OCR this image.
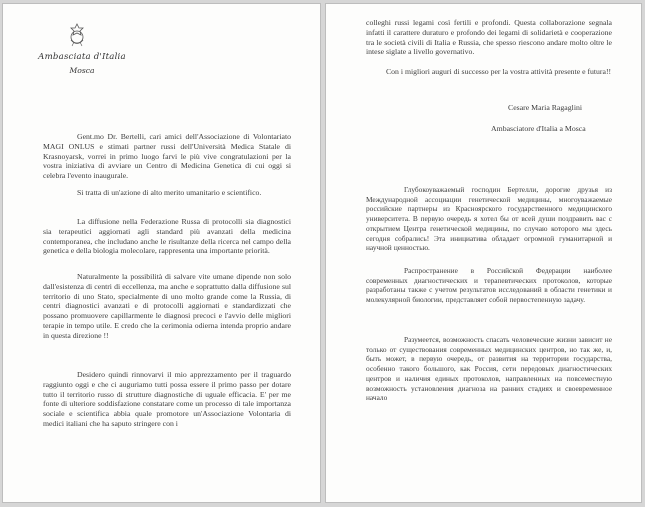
Ambasciata d'Italia
Mosca

Gent.mo Dr. Bertelli, cari amici dell'Associazione di Volontariato MAGI ONLUS e stimati partner russi dell'Università Medica Statale di Krasnoyarsk, vorrei in primo luogo farvi le più vive congratulazioni per la vostra iniziativa di avviare un Centro di Medicina Genetica di cui oggi si celebra l'evento inaugurale.

Si tratta di un'azione di alto merito umanitario e scientifico.

La diffusione nella Federazione Russa di protocolli sia diagnostici sia terapeutici aggiornati agli standard più avanzati della medicina contemporanea, che includano anche le risultanze della ricerca nel campo della genetica e della biologia molecolare, rappresenta una importante priorità.

Naturalmente la possibilità di salvare vite umane dipende non solo dall'esistenza di centri di eccellenza, ma anche e soprattutto dalla diffusione sul territorio di uno Stato, specialmente di uno molto grande come la Russia, di centri diagnostici avanzati e di protocolli aggiornati e standardizzati che possano promuovere capillarmente le diagnosi precoci e l'avvio delle migliori terapie in tempo utile. E credo che la cerimonia odierna intenda proprio andare in questa direzione !!

Desidero quindi rinnovarvi il mio apprezzamento per il traguardo raggiunto oggi e che ci auguriamo tutti possa essere il primo passo per dotare tutto il territorio russo di strutture diagnostiche di uguale efficacia. E' per me fonte di ulteriore soddisfazione constatare come un processo di tale importanza sociale e scientifica abbia quale promotore un'Associazione Volontaria di medici italiani che ha saputo stringere con i

colleghi russi legami così fertili e profondi. Questa collaborazione segnala infatti il carattere duraturo e profondo dei legami di solidarietà e cooperazione tra le società civili di Italia e Russia, che spesso riescono andare molto oltre le intese siglate a livello governativo.

Con i migliori auguri di successo per la vostra attività presente e futura!!

Cesare Maria Ragaglini
Ambasciatore d'Italia a Mosca

Глубокоуважаемый господин Бертелли, дорогие друзья из Международной ассоциации генетической медицины, многоуважаемые российские партнеры из Красноярского государственного медицинского университета. В первую очередь я хотел бы от всей души поздравить вас с открытием Центра генетической медицины, по случаю которого мы здесь сегодня собрались! Эта инициатива обладает огромной гуманитарной и научной ценностью.

Распространение в Российской Федерации наиболее современных диагностических и терапевтических протоколов, которые разработаны также с учетом результатов исследований в области генетики и молекулярной биологии, представляет собой первостепенную задачу.

Разумеется, возможность спасать человеческие жизни зависит не только от существования современных медицинских центров, но так же, и, быть может, в первую очередь, от развития на территории государства, особенно такого большого, как Россия, сети передовых диагностических центров и наличия единых протоколов, направленных на повсеместную возможность установления диагноза на ранних стадиях и своевременное начало
